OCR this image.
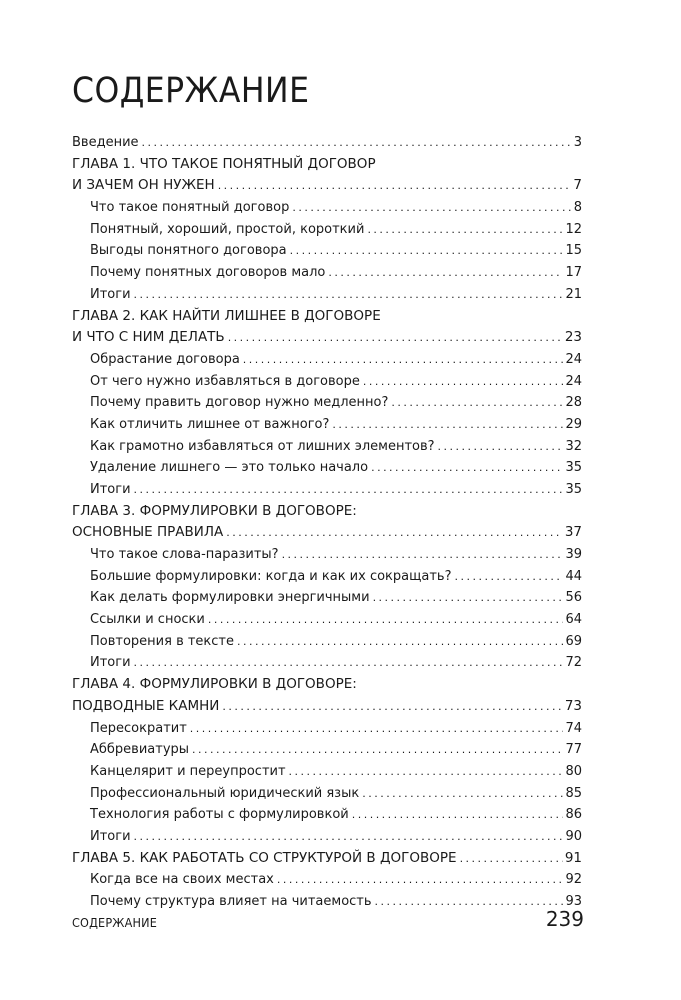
СОДЕРЖАНИЕ
Введение . . .	3
ГЛАВА 1. ЧТО ТАКОЕ ПОНЯТНЫЙ ДОГОВОР
И ЗАЧЕМ ОН НУЖЕН . . .	7
Что такое понятный договор . . .	8
Понятный, хороший, простой, короткий . . .	12
Выгоды понятного договора . . .	15
Почему понятных договоров мало . . .	17
Итоги . . .	21
ГЛАВА 2. КАК НАЙТИ ЛИШНЕЕ В ДОГОВОРЕ
И ЧТО С НИМ ДЕЛАТЬ . . .	23
Обрастание договора . . .	24
От чего нужно избавляться в договоре . . .	24
Почему править договор нужно медленно? . . .	28
Как отличить лишнее от важного? . . .	29
Как грамотно избавляться от лишних элементов? . . .	32
Удаление лишнего — это только начало . . .	35
Итоги . . .	35
ГЛАВА 3. ФОРМУЛИРОВКИ В ДОГОВОРЕ:
ОСНОВНЫЕ ПРАВИЛА . . .	37
Что такое слова-паразиты? . . .	39
Большие формулировки: когда и как их сокращать? . . .	44
Как делать формулировки энергичными . . .	56
Ссылки и сноски . . .	64
Повторения в тексте . . .	69
Итоги . . .	72
ГЛАВА 4. ФОРМУЛИРОВКИ В ДОГОВОРЕ:
ПОДВОДНЫЕ КАМНИ . . .	73
Пересократит . . .	74
Аббревиатуры . . .	77
Канцелярит и переупростит . . .	80
Профессиональный юридический язык . . .	85
Технология работы с формулировкой . . .	86
Итоги . . .	90
ГЛАВА 5. КАК РАБОТАТЬ СО СТРУКТУРОЙ В ДОГОВОРЕ . . .	91
Когда все на своих местах . . .	92
Почему структура влияет на читаемость . . .	93
СОДЕРЖАНИЕ	239
